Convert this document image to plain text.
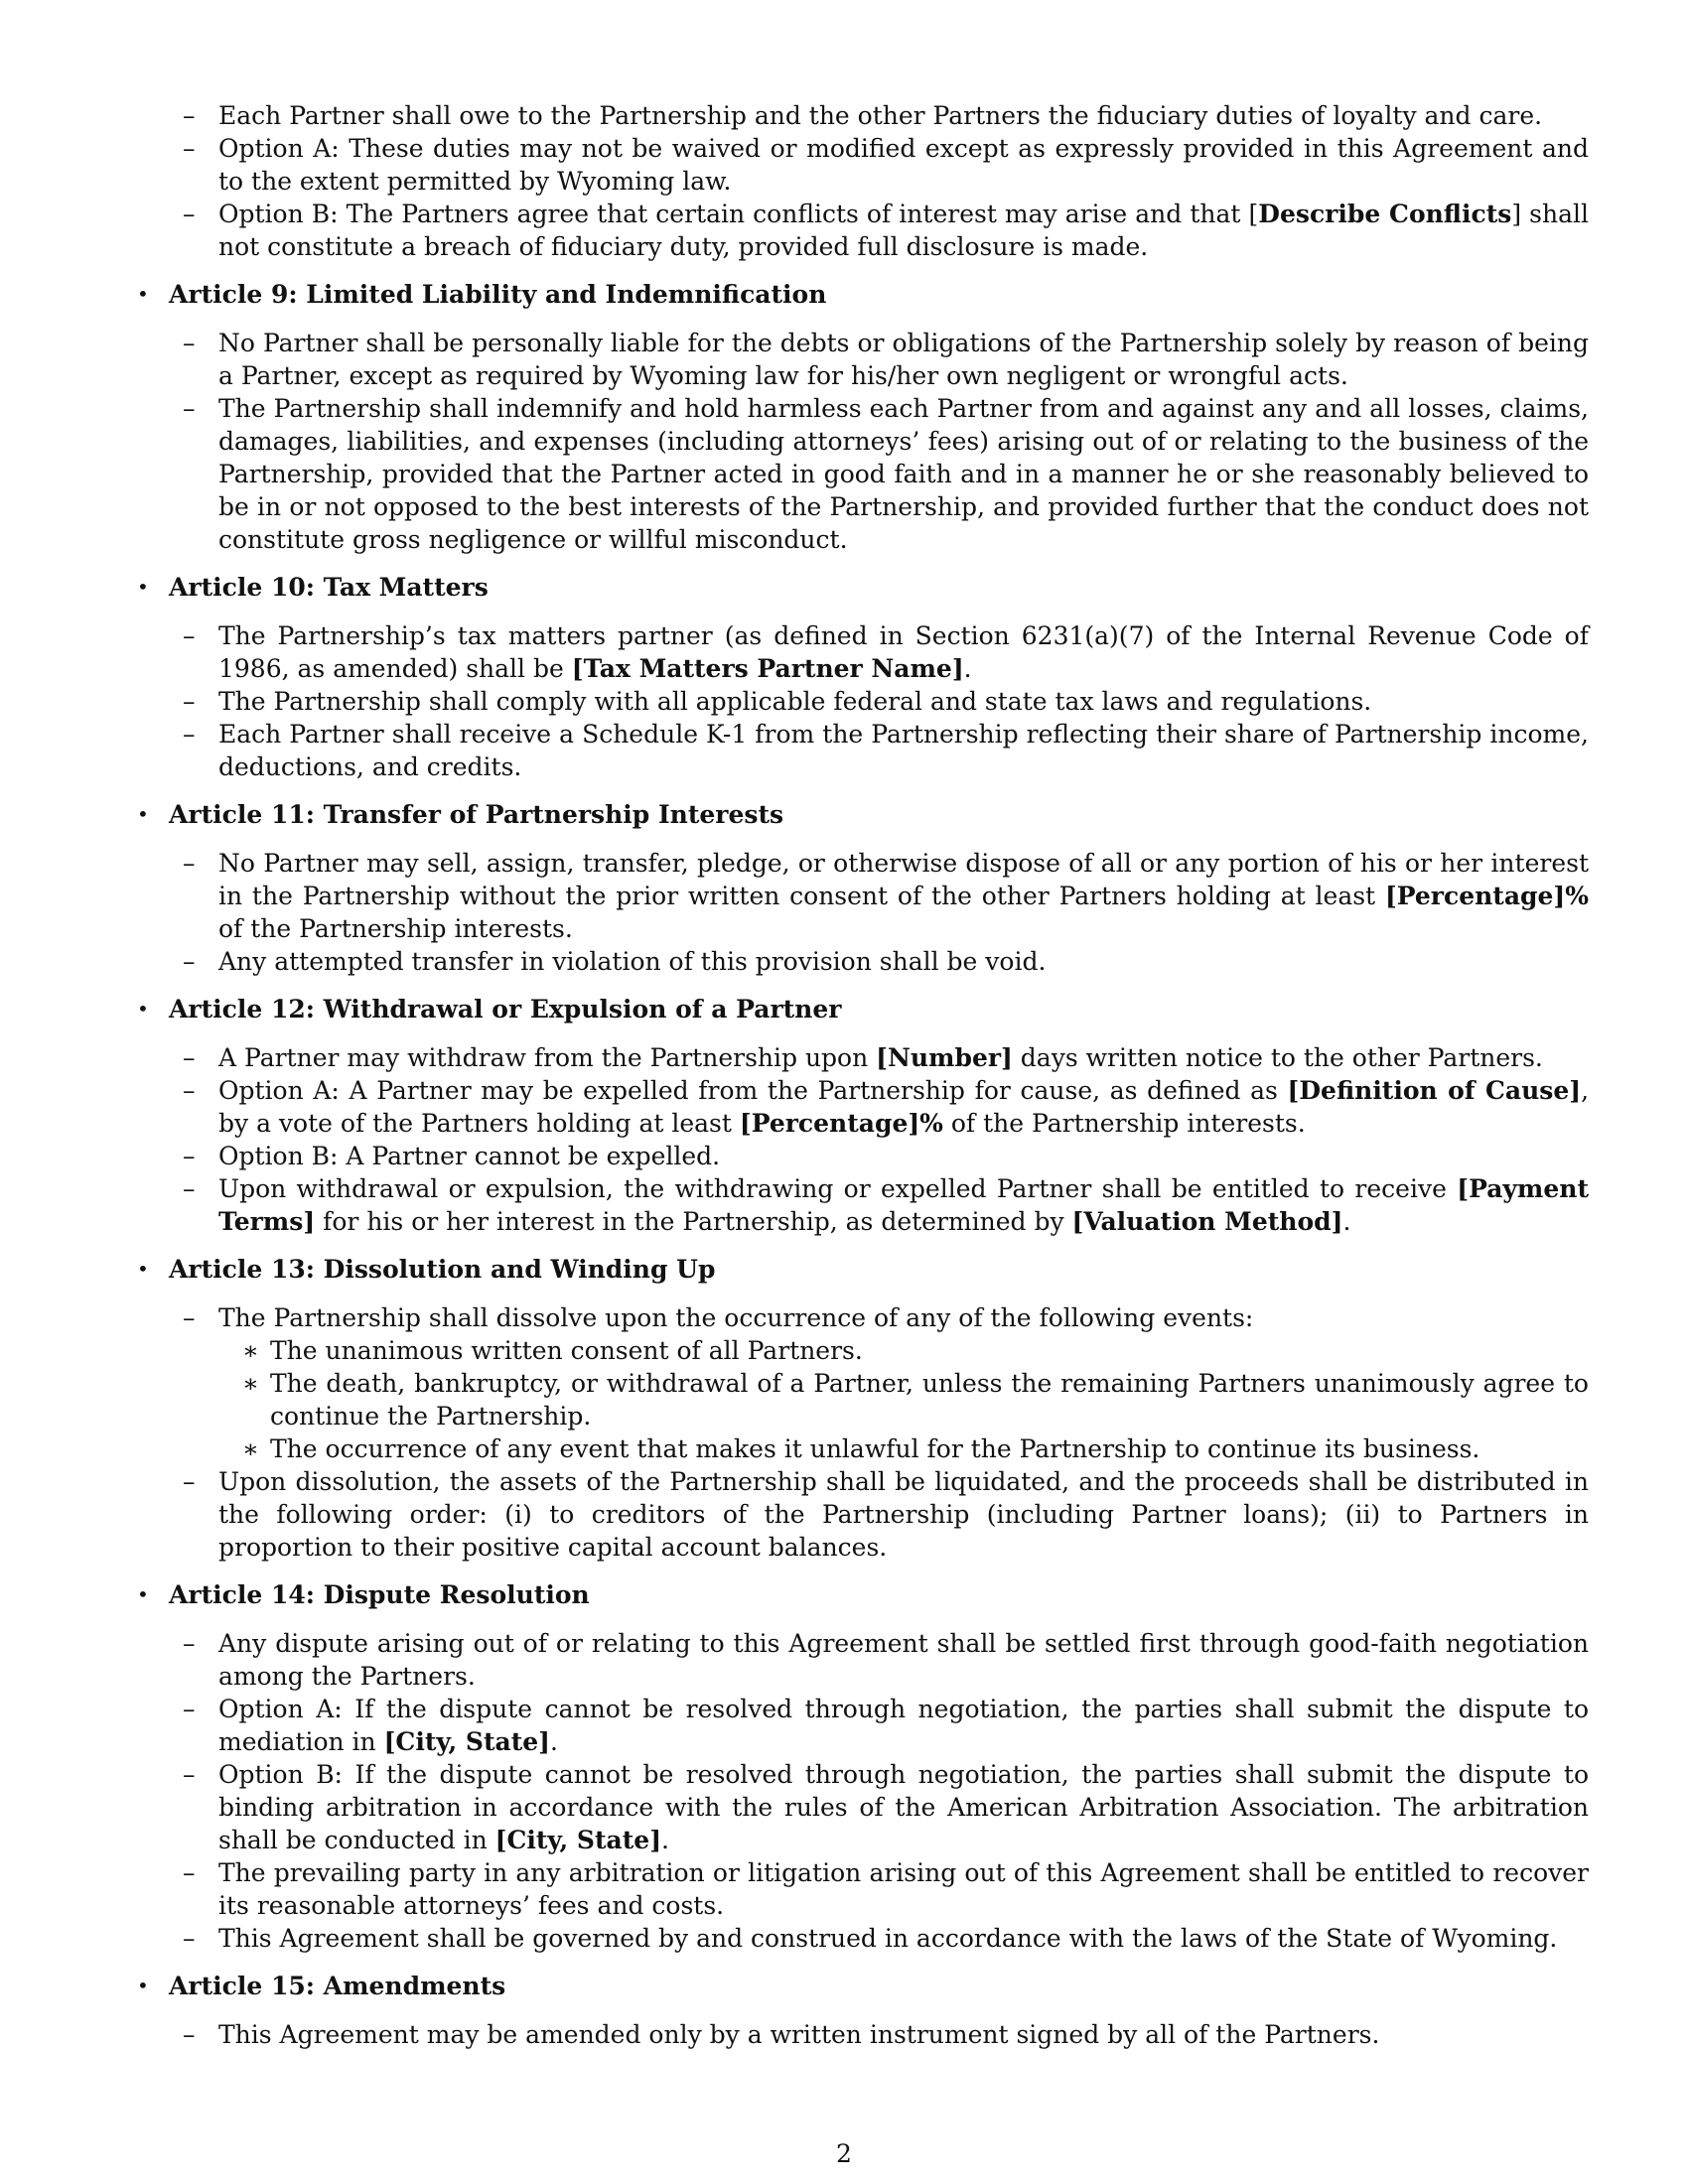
– Each Partner shall owe to the Partnership and the other Partners the fiduciary duties of loyalty and care.
– Option A: These duties may not be waived or modified except as expressly provided in this Agreement and to the extent permitted by Wyoming law.
– Option B: The Partners agree that certain conflicts of interest may arise and that [Describe Conflicts] shall not constitute a breach of fiduciary duty, provided full disclosure is made.
• Article 9: Limited Liability and Indemnification
– No Partner shall be personally liable for the debts or obligations of the Partnership solely by reason of being a Partner, except as required by Wyoming law for his/her own negligent or wrongful acts.
– The Partnership shall indemnify and hold harmless each Partner from and against any and all losses, claims, damages, liabilities, and expenses (including attorneys’ fees) arising out of or relating to the business of the Partnership, provided that the Partner acted in good faith and in a manner he or she reasonably believed to be in or not opposed to the best interests of the Partnership, and provided further that the conduct does not constitute gross negligence or willful misconduct.
• Article 10: Tax Matters
– The Partnership’s tax matters partner (as defined in Section 6231(a)(7) of the Internal Revenue Code of 1986, as amended) shall be [Tax Matters Partner Name].
– The Partnership shall comply with all applicable federal and state tax laws and regulations.
– Each Partner shall receive a Schedule K-1 from the Partnership reflecting their share of Partnership income, deductions, and credits.
• Article 11: Transfer of Partnership Interests
– No Partner may sell, assign, transfer, pledge, or otherwise dispose of all or any portion of his or her interest in the Partnership without the prior written consent of the other Partners holding at least [Percentage]% of the Partnership interests.
– Any attempted transfer in violation of this provision shall be void.
• Article 12: Withdrawal or Expulsion of a Partner
– A Partner may withdraw from the Partnership upon [Number] days written notice to the other Partners.
– Option A: A Partner may be expelled from the Partnership for cause, as defined as [Definition of Cause], by a vote of the Partners holding at least [Percentage]% of the Partnership interests.
– Option B: A Partner cannot be expelled.
– Upon withdrawal or expulsion, the withdrawing or expelled Partner shall be entitled to receive [Payment Terms] for his or her interest in the Partnership, as determined by [Valuation Method].
• Article 13: Dissolution and Winding Up
– The Partnership shall dissolve upon the occurrence of any of the following events:
∗ The unanimous written consent of all Partners.
∗ The death, bankruptcy, or withdrawal of a Partner, unless the remaining Partners unanimously agree to continue the Partnership.
∗ The occurrence of any event that makes it unlawful for the Partnership to continue its business.
– Upon dissolution, the assets of the Partnership shall be liquidated, and the proceeds shall be distributed in the following order: (i) to creditors of the Partnership (including Partner loans); (ii) to Partners in proportion to their positive capital account balances.
• Article 14: Dispute Resolution
– Any dispute arising out of or relating to this Agreement shall be settled first through good-faith negotiation among the Partners.
– Option A: If the dispute cannot be resolved through negotiation, the parties shall submit the dispute to mediation in [City, State].
– Option B: If the dispute cannot be resolved through negotiation, the parties shall submit the dispute to binding arbitration in accordance with the rules of the American Arbitration Association. The arbitration shall be conducted in [City, State].
– The prevailing party in any arbitration or litigation arising out of this Agreement shall be entitled to recover its reasonable attorneys’ fees and costs.
– This Agreement shall be governed by and construed in accordance with the laws of the State of Wyoming.
• Article 15: Amendments
– This Agreement may be amended only by a written instrument signed by all of the Partners.
2
